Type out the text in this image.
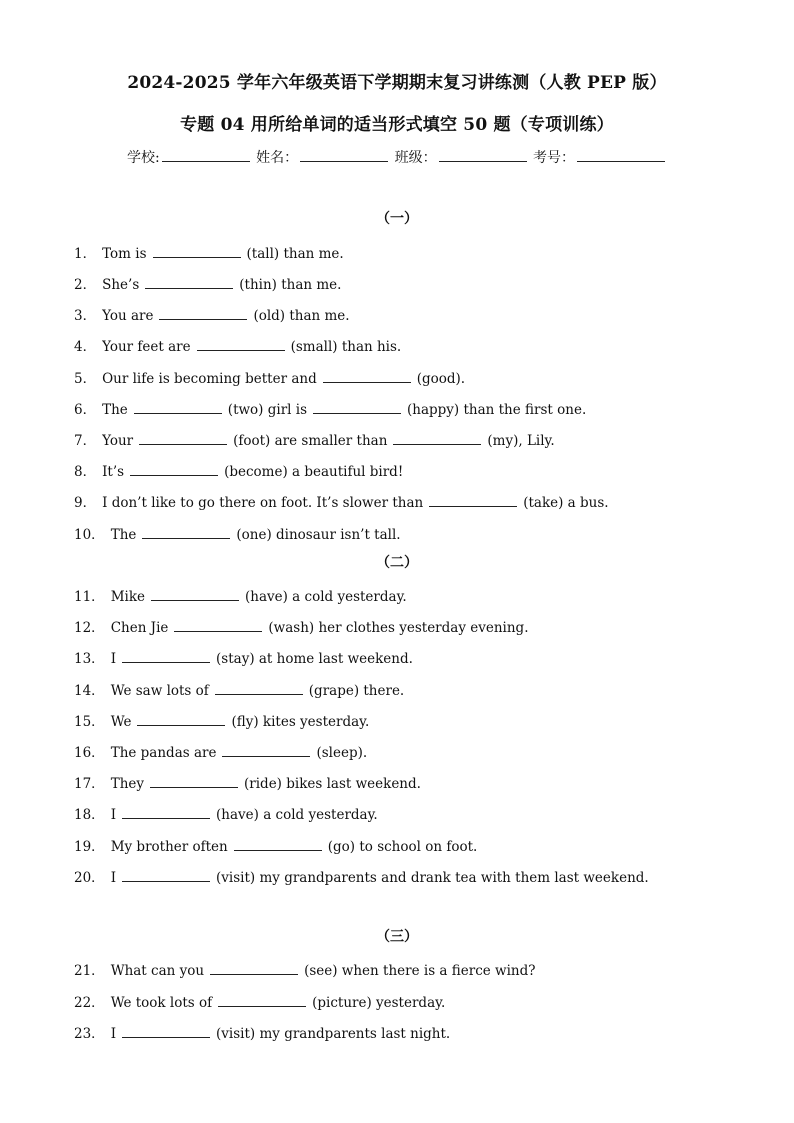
2024-2025 学年六年级英语下学期期末复习讲练测（人教 PEP 版）
专题 04 用所给单词的适当形式填空 50 题（专项训练）
学校:	姓名：	班级：	考号：
（一）
（二）
（三）
1． Tom is	(tall) than me.
2． She’s	(thin) than me.
3． You are	(old) than me.
4． Your feet are	(small) than his.
5． Our life is becoming better and	(good).
6． The	(two) girl is	(happy) than the first one.
7． Your	(foot) are smaller than	(my), Lily.
8． It’s	(become) a beautiful bird!
9． I don’t like to go there on foot. It’s slower than	(take) a bus.
10． The	(one) dinosaur isn’t tall.
11． Mike	(have) a cold yesterday.
12． Chen Jie	(wash) her clothes yesterday evening.
13． I	(stay) at home last weekend.
14． We saw lots of	(grape) there.
15． We	(fly) kites yesterday.
16． The pandas are	(sleep).
17． They	(ride) bikes last weekend.
18． I	(have) a cold yesterday.
19． My brother often	(go) to school on foot.
20． I	(visit) my grandparents and drank tea with them last weekend.
21． What can you	(see) when there is a fierce wind?
22． We took lots of	(picture) yesterday.
23． I	(visit) my grandparents last night.
